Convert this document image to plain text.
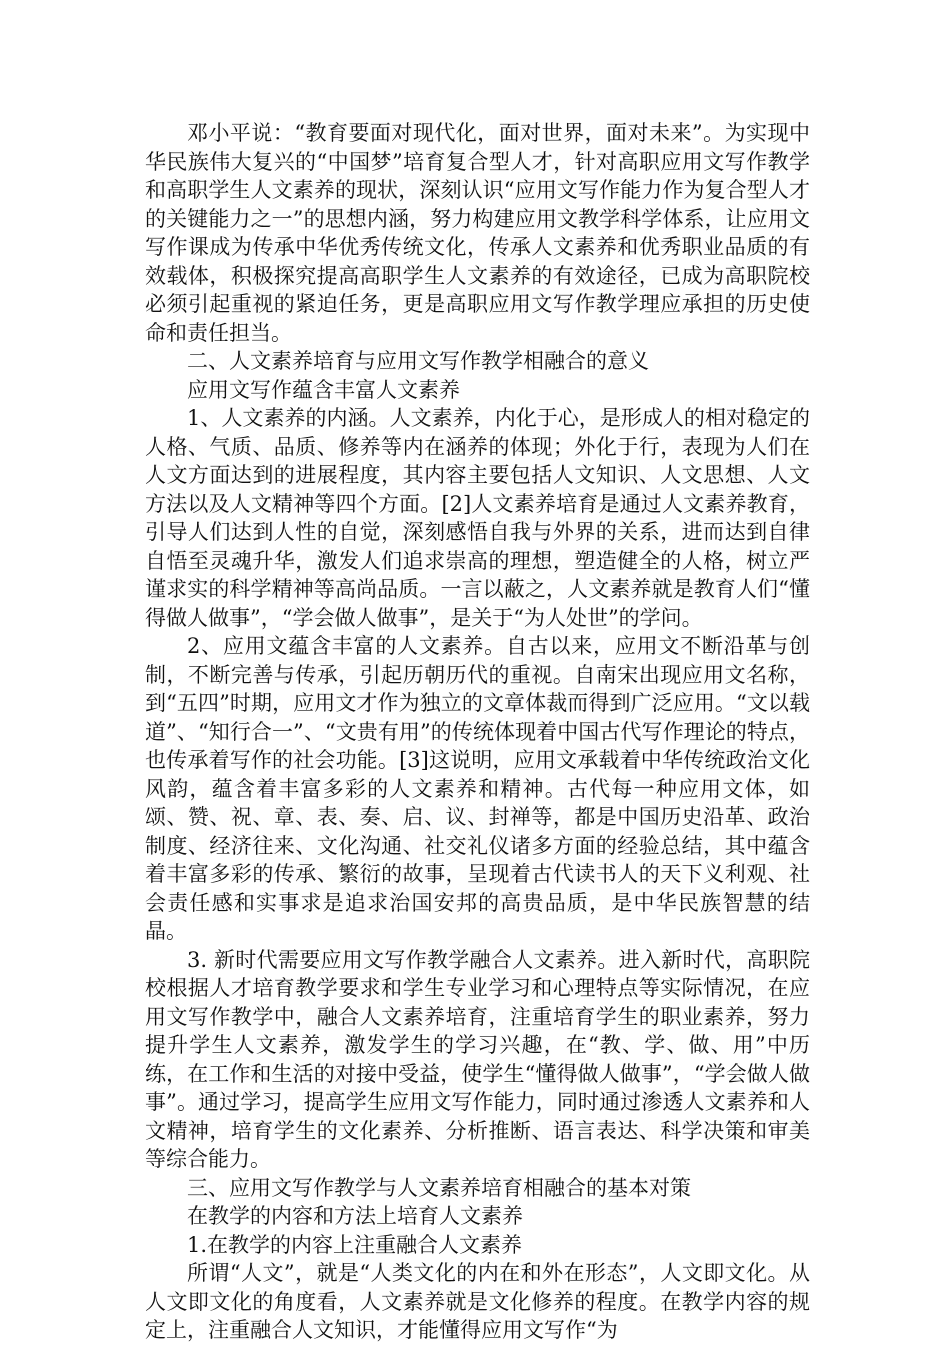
邓小平说：“教育要面对现代化，面对世界，面对未来”。为实现中华民族伟大复兴的“中国梦”培育复合型人才，针对高职应用文写作教学和高职学生人文素养的现状，深刻认识“应用文写作能力作为复合型人才的关键能力之一”的思想内涵，努力构建应用文教学科学体系，让应用文写作课成为传承中华优秀传统文化，传承人文素养和优秀职业品质的有效载体，积极探究提高高职学生人文素养的有效途径，已成为高职院校必须引起重视的紧迫任务，更是高职应用文写作教学理应承担的历史使命和责任担当。

二、人文素养培育与应用文写作教学相融合的意义

应用文写作蕴含丰富人文素养

1、人文素养的内涵。人文素养，内化于心，是形成人的相对稳定的人格、气质、品质、修养等内在涵养的体现；外化于行，表现为人们在人文方面达到的进展程度，其内容主要包括人文知识、人文思想、人文方法以及人文精神等四个方面。[2]人文素养培育是通过人文素养教育，引导人们达到人性的自觉，深刻感悟自我与外界的关系，进而达到自律自悟至灵魂升华，激发人们追求崇高的理想，塑造健全的人格，树立严谨求实的科学精神等高尚品质。一言以蔽之，人文素养就是教育人们“懂得做人做事”，“学会做人做事”，是关于“为人处世”的学问。

2、应用文蕴含丰富的人文素养。自古以来，应用文不断沿革与创制，不断完善与传承，引起历朝历代的重视。自南宋出现应用文名称，到“五四”时期，应用文才作为独立的文章体裁而得到广泛应用。“文以载道”、“知行合一”、“文贵有用”的传统体现着中国古代写作理论的特点，也传承着写作的社会功能。[3]这说明，应用文承载着中华传统政治文化风韵，蕴含着丰富多彩的人文素养和精神。古代每一种应用文体，如颂、赞、祝、章、表、奏、启、议、封禅等，都是中国历史沿革、政治制度、经济往来、文化沟通、社交礼仪诸多方面的经验总结，其中蕴含着丰富多彩的传承、繁衍的故事，呈现着古代读书人的天下义利观、社会责任感和实事求是追求治国安邦的高贵品质，是中华民族智慧的结晶。

3. 新时代需要应用文写作教学融合人文素养。进入新时代，高职院校根据人才培育教学要求和学生专业学习和心理特点等实际情况，在应用文写作教学中，融合人文素养培育，注重培育学生的职业素养，努力提升学生人文素养，激发学生的学习兴趣，在“教、学、做、用”中历练，在工作和生活的对接中受益，使学生“懂得做人做事”，“学会做人做事”。通过学习，提高学生应用文写作能力，同时通过渗透人文素养和人文精神，培育学生的文化素养、分析推断、语言表达、科学决策和审美等综合能力。

三、应用文写作教学与人文素养培育相融合的基本对策

在教学的内容和方法上培育人文素养

1.在教学的内容上注重融合人文素养

所谓“人文”，就是“人类文化的内在和外在形态”，人文即文化。从人文即文化的角度看，人文素养就是文化修养的程度。在教学内容的规定上，注重融合人文知识，才能懂得应用文写作“为
